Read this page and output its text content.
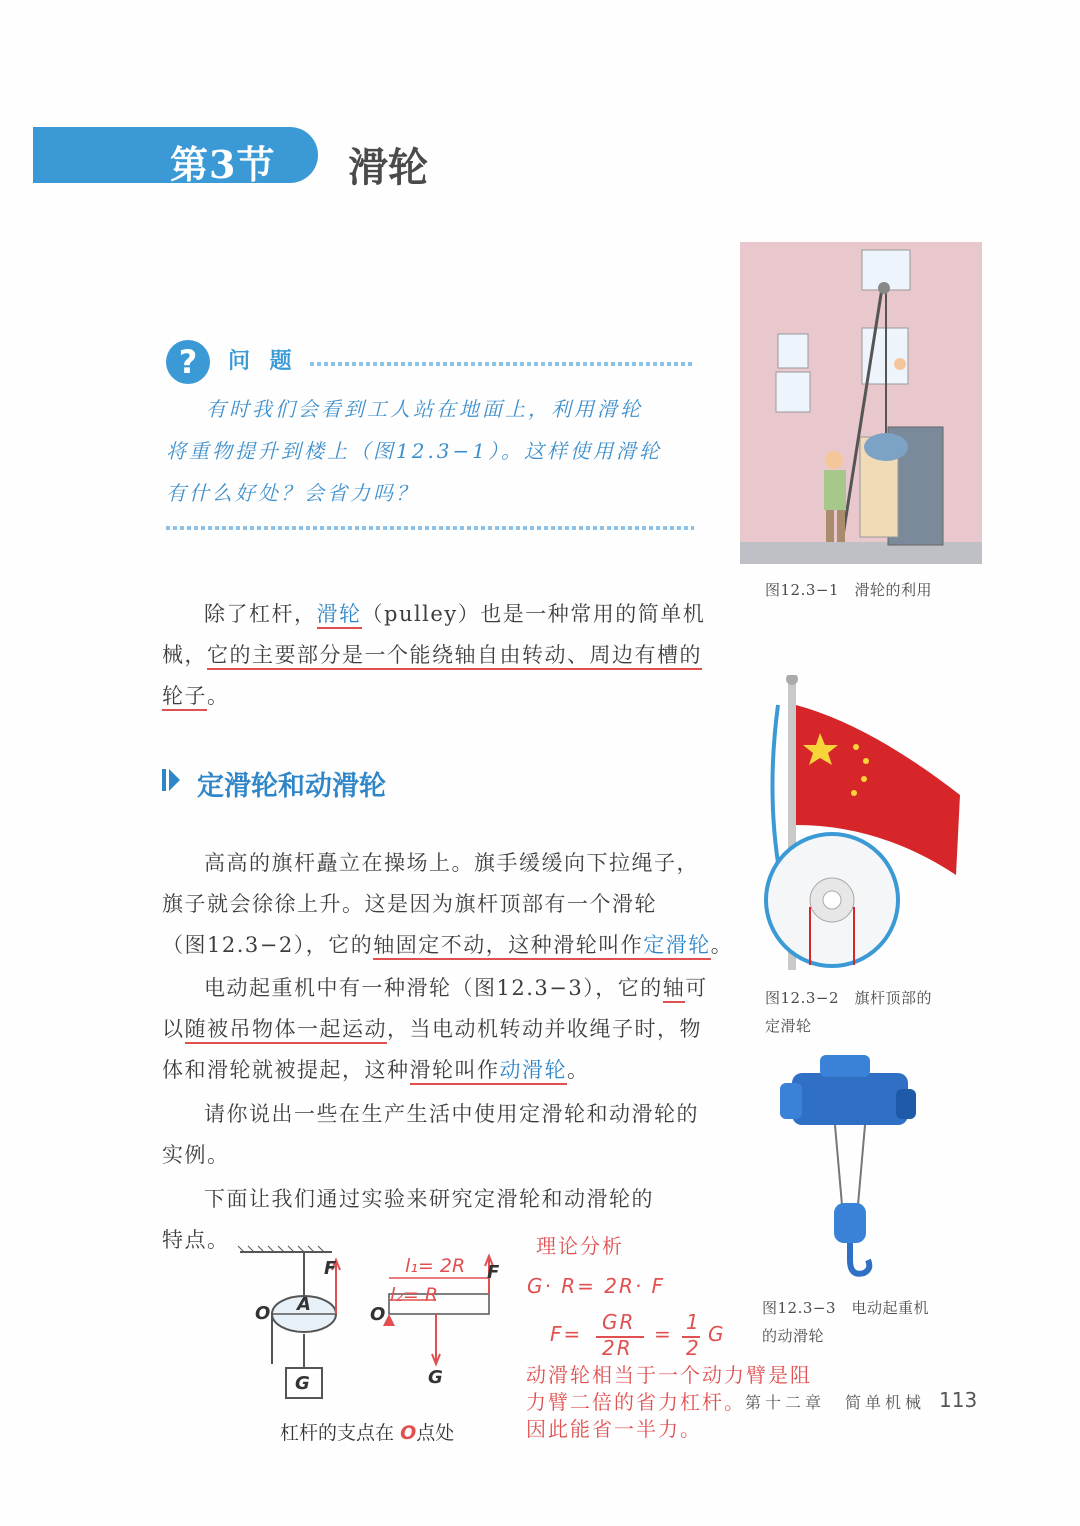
第3节 滑轮
?	问 题

有时我们会看到工人站在地面上，利用滑轮

将重物提升到楼上（图12.3−1）。这样使用滑轮

有什么好处？会省力吗？

图12.3−1　滑轮的利用

除了杠杆，滑轮（pulley）也是一种常用的简单机

械，它的主要部分是一个能绕轴自由转动、周边有槽的

轮子。

定滑轮和动滑轮
图12.3−2　旗杆顶部的
定滑轮

高高的旗杆矗立在操场上。旗手缓缓向下拉绳子，

旗子就会徐徐上升。这是因为旗杆顶部有一个滑轮

（图12.3−2），它的轴固定不动，这种滑轮叫作定滑轮。

电动起重机中有一种滑轮（图12.3−3），它的轴可

以随被吊物体一起运动，当电动机转动并收绳子时，物

体和滑轮就被提起，这种滑轮叫作动滑轮。

请你说出一些在生产生活中使用定滑轮和动滑轮的

实例。

下面让我们通过实验来研究定滑轮和动滑轮的

特点。

图12.3−3　电动起重机
的动滑轮
F
O A
G
l₁= 2R
l₂= R
F
O
G
杠杆的支点在 O点处
理论分析
G· R= 2R· F
F= GR
2R
= 1
2
G
动滑轮相当于一个动力臂是阻
力臂二倍的省力杠杆。
因此能省一半力。
第十二章　简单机械 113
